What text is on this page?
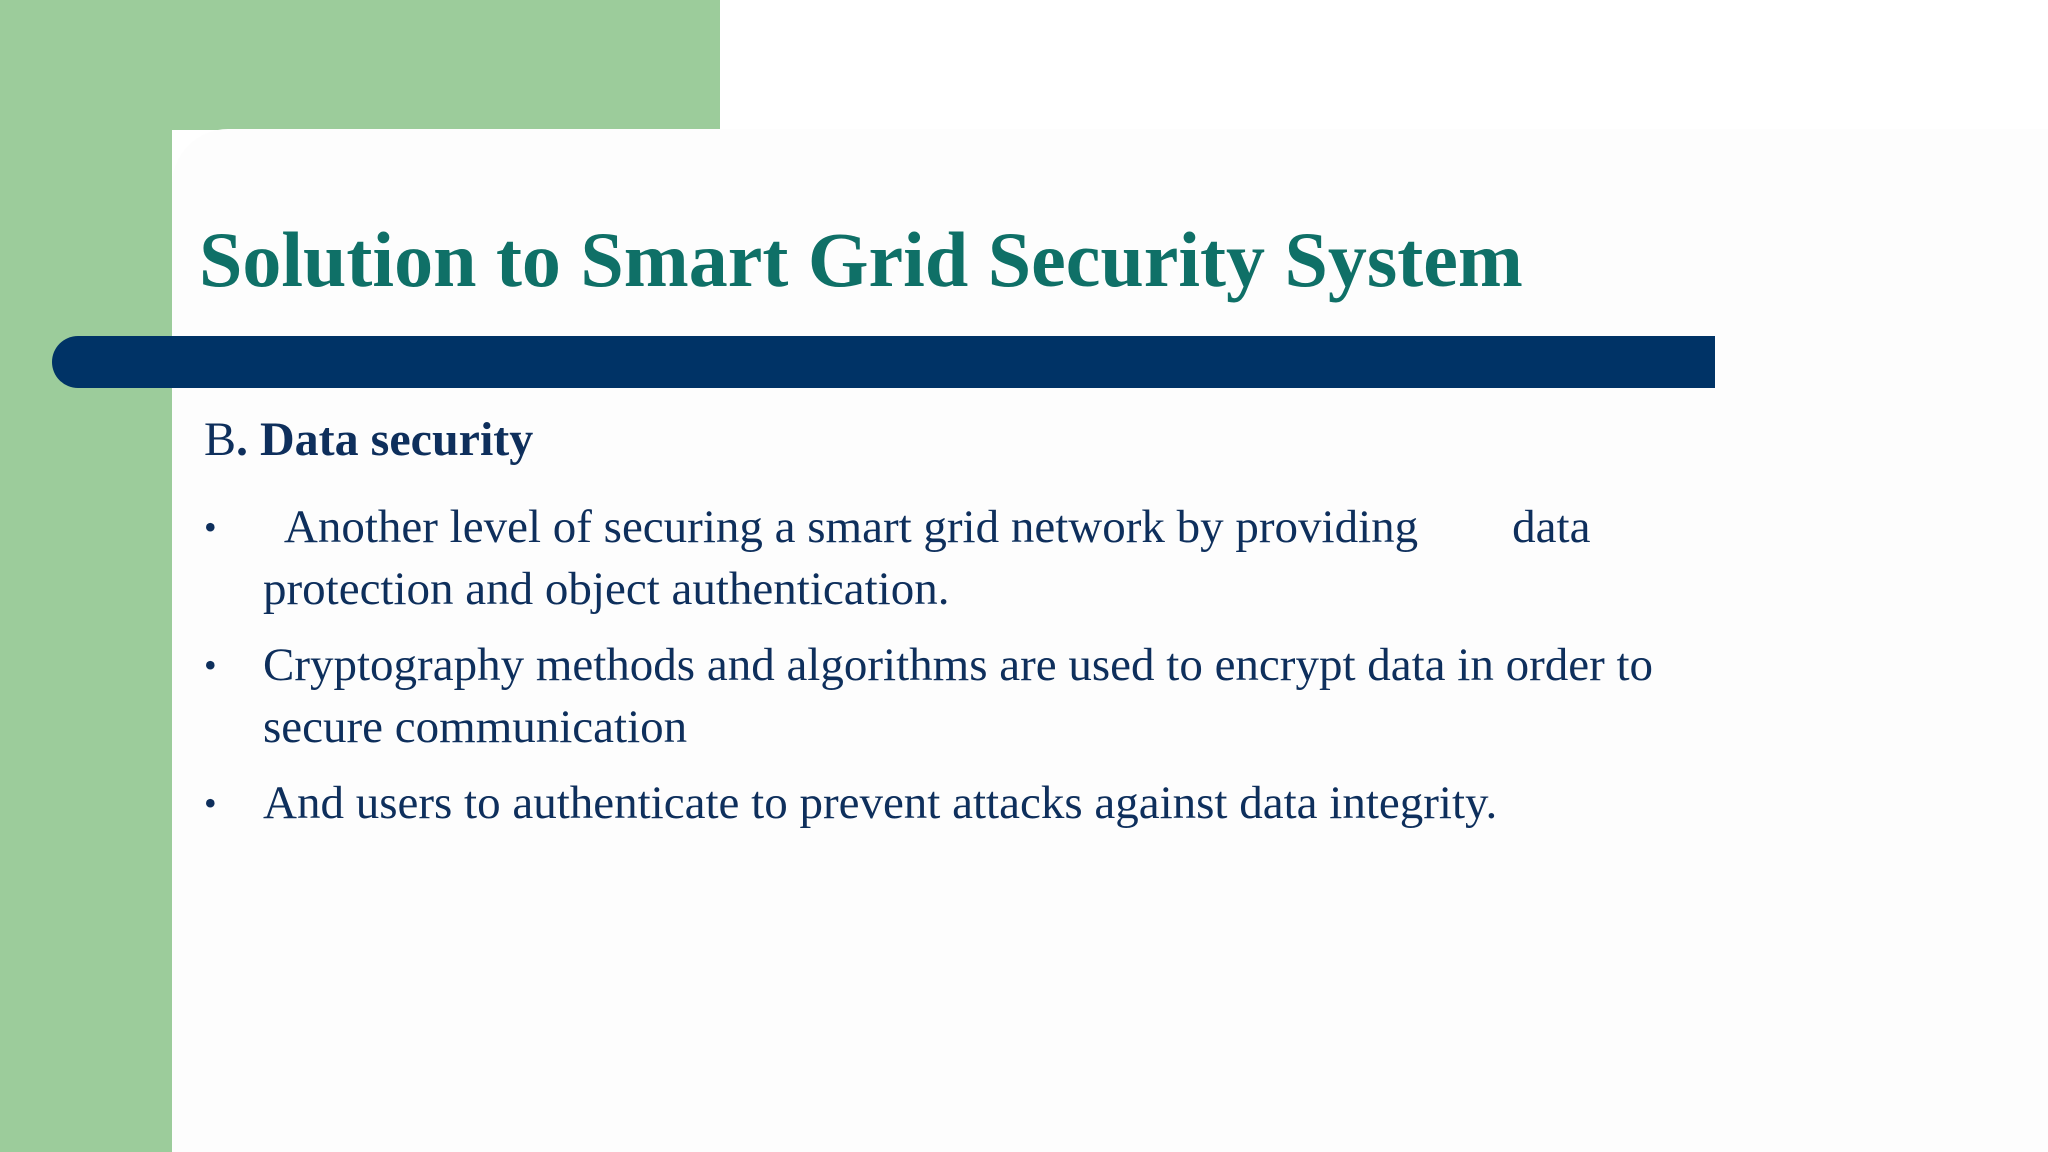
Solution to Smart Grid Security System
B. Data security
• Another level of securing a smart grid network by providing        data
protection and object authentication.
• Cryptography methods and algorithms are used to encrypt data in order to
secure communication
• And users to authenticate to prevent attacks against data integrity.
